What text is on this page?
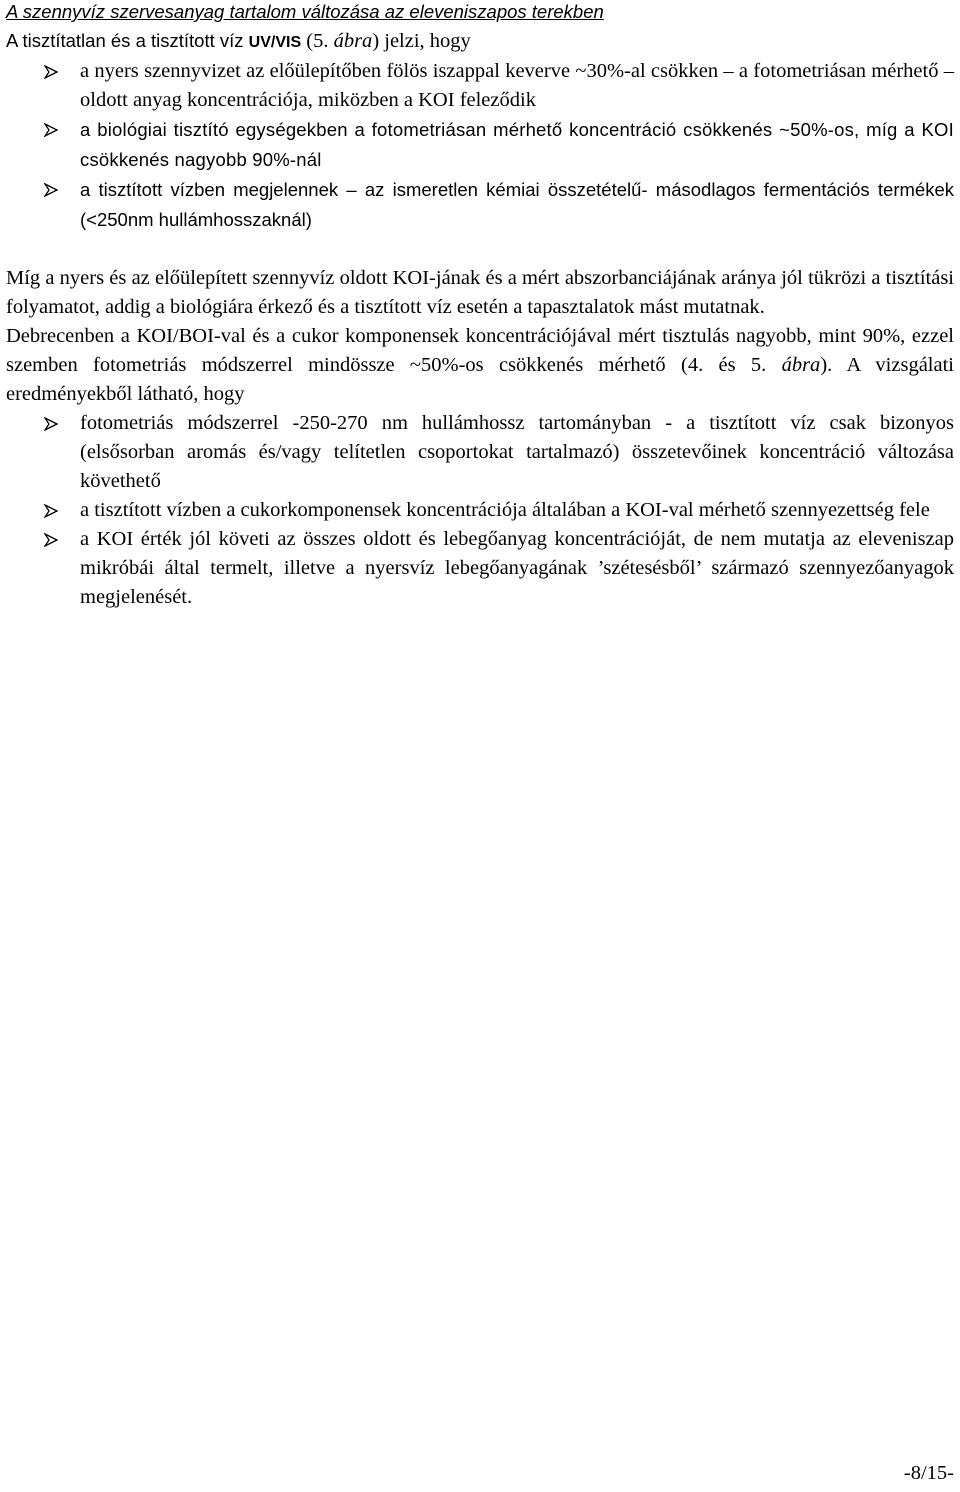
A szennyvíz szervesanyag tartalom változása az eleveniszapos terekben

A tisztítatlan és a tisztított víz UV/VIS (5. ábra) jelzi, hogy

a nyers szennyvizet az előülepítőben fölös iszappal keverve ~30%-al csökken – a fotometriásan mérhető – oldott anyag koncentrációja, miközben a KOI feleződik
a biológiai tisztító egységekben a fotometriásan mérhető koncentráció csökkenés ~50%-os, míg a KOI csökkenés nagyobb 90%-nál
a tisztított vízben megjelennek – az ismeretlen kémiai összetételű- másodlagos fermentációs termékek (<250nm hullámhosszaknál)

Míg a nyers és az előülepített szennyvíz oldott KOI-jának és a mért abszorbanciájának aránya jól tükrözi a tisztítási folyamatot, addig a biológiára érkező és a tisztított víz esetén a tapasztalatok mást mutatnak.

Debrecenben a KOI/BOI-val és a cukor komponensek koncentrációjával mért tisztulás nagyobb, mint 90%, ezzel szemben fotometriás módszerrel mindössze ~50%-os csökkenés mérhető (4. és 5. ábra). A vizsgálati eredményekből látható, hogy

fotometriás módszerrel -250-270 nm hullámhossz tartományban - a tisztított víz csak bizonyos (elsősorban aromás és/vagy telítetlen csoportokat tartalmazó) összetevőinek koncentráció változása követhető
a tisztított vízben a cukorkomponensek koncentrációja általában a KOI-val mérhető szennyezettség fele
a KOI érték jól követi az összes oldott és lebegőanyag koncentrációját, de nem mutatja az eleveniszap mikróbái által termelt, illetve a nyersvíz lebegőanyagának ’szétesésből’ származó szennyezőanyagok megjelenését.
-8/15-
